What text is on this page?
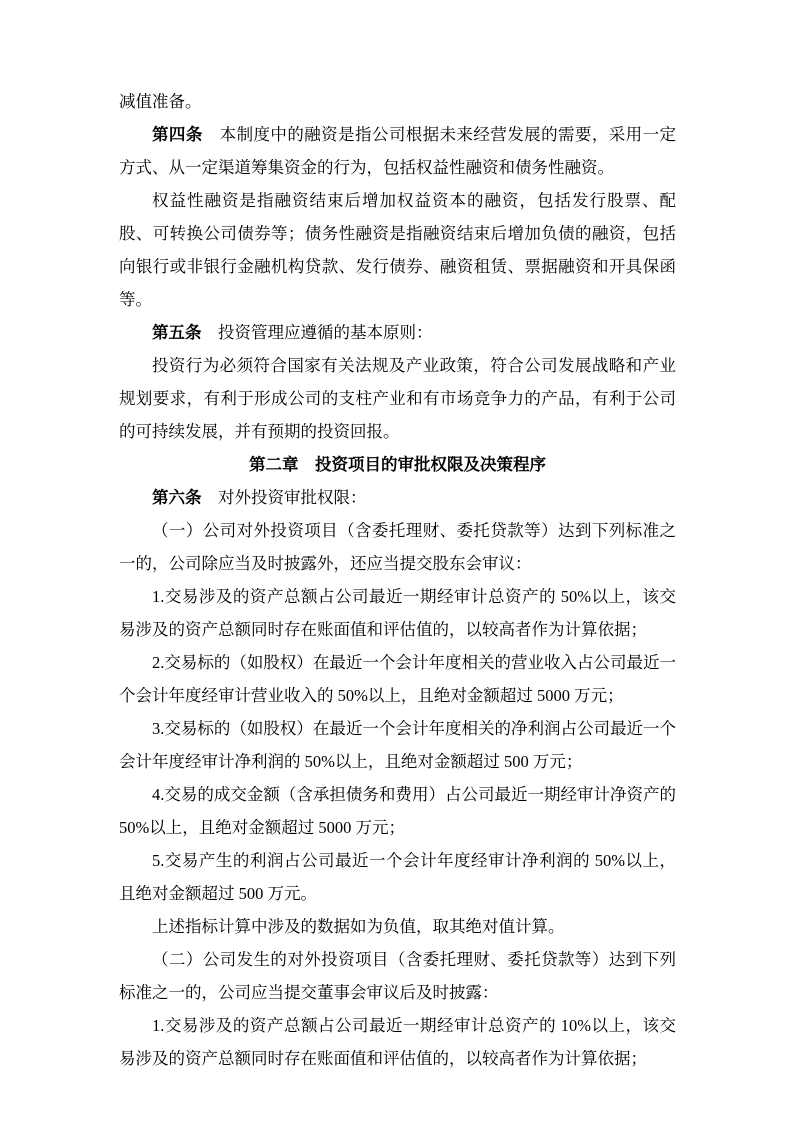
减值准备。

第四条　本制度中的融资是指公司根据未来经营发展的需要，采用一定方式、从一定渠道筹集资金的行为，包括权益性融资和债务性融资。

权益性融资是指融资结束后增加权益资本的融资，包括发行股票、配股、可转换公司债券等；债务性融资是指融资结束后增加负债的融资，包括向银行或非银行金融机构贷款、发行债券、融资租赁、票据融资和开具保函等。

第五条　投资管理应遵循的基本原则：

投资行为必须符合国家有关法规及产业政策，符合公司发展战略和产业规划要求，有利于形成公司的支柱产业和有市场竞争力的产品，有利于公司的可持续发展，并有预期的投资回报。

第二章　投资项目的审批权限及决策程序

第六条　对外投资审批权限：

（一）公司对外投资项目（含委托理财、委托贷款等）达到下列标准之一的，公司除应当及时披露外，还应当提交股东会审议：

1.交易涉及的资产总额占公司最近一期经审计总资产的 50%以上，该交易涉及的资产总额同时存在账面值和评估值的，以较高者作为计算依据；

2.交易标的（如股权）在最近一个会计年度相关的营业收入占公司最近一个会计年度经审计营业收入的 50%以上，且绝对金额超过 5000 万元；

3.交易标的（如股权）在最近一个会计年度相关的净利润占公司最近一个会计年度经审计净利润的 50%以上，且绝对金额超过 500 万元；

4.交易的成交金额（含承担债务和费用）占公司最近一期经审计净资产的 50%以上，且绝对金额超过 5000 万元；

5.交易产生的利润占公司最近一个会计年度经审计净利润的 50%以上，且绝对金额超过 500 万元。

上述指标计算中涉及的数据如为负值，取其绝对值计算。

（二）公司发生的对外投资项目（含委托理财、委托贷款等）达到下列标准之一的，公司应当提交董事会审议后及时披露：

1.交易涉及的资产总额占公司最近一期经审计总资产的 10%以上，该交易涉及的资产总额同时存在账面值和评估值的，以较高者作为计算依据；
